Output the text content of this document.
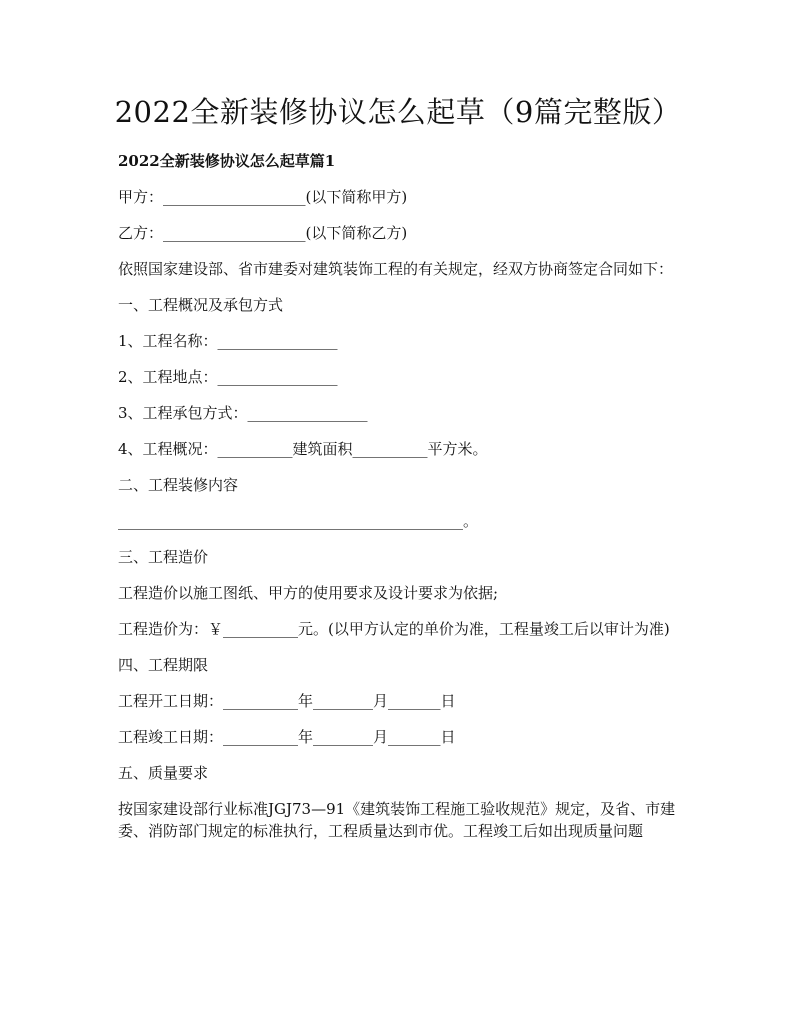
2022全新装修协议怎么起草（9篇完整版）

2022全新装修协议怎么起草篇1

甲方：___________________(以下简称甲方)

乙方：___________________(以下简称乙方)

依照国家建设部、省市建委对建筑装饰工程的有关规定，经双方协商签定合同如下：

一、工程概况及承包方式

1、工程名称：________________

2、工程地点：________________

3、工程承包方式：________________

4、工程概况：__________建筑面积__________平方米。

二、工程装修内容

______________________________________________。

三、工程造价

工程造价以施工图纸、甲方的使用要求及设计要求为依据;

工程造价为：￥__________元。(以甲方认定的单价为准，工程量竣工后以审计为准)

四、工程期限

工程开工日期：__________年________月_______日

工程竣工日期：__________年________月_______日

五、质量要求

按国家建设部行业标准JGJ73—91《建筑装饰工程施工验收规范》规定，及省、市建委、消防部门规定的标准执行，工程质量达到市优。工程竣工后如出现质量问题
